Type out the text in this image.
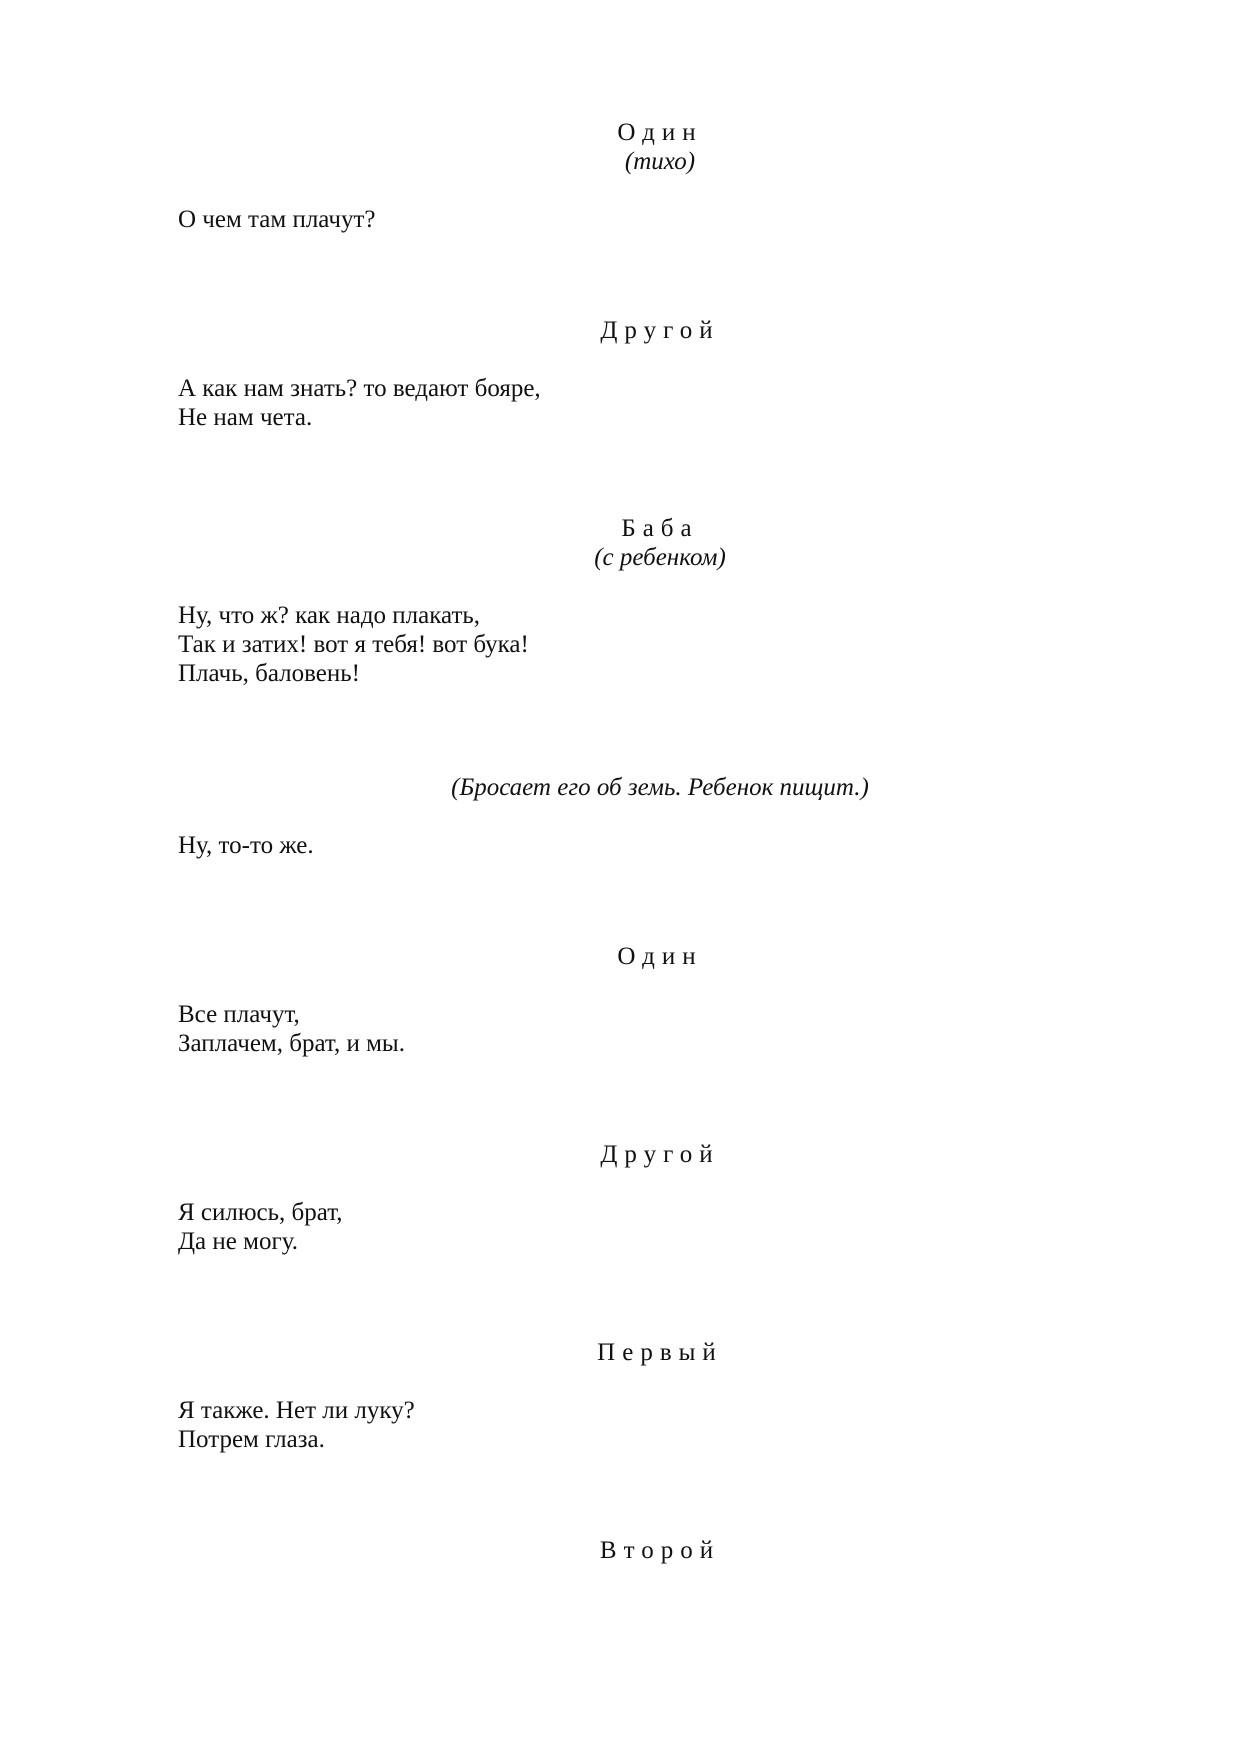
Один
(тихо)
О чем там плачут?
Другой
А как нам знать? то ведают бояре,
Не нам чета.
Баба
(с ребенком)
Ну, что ж? как надо плакать,
Так и затих! вот я тебя! вот бука!
Плачь, баловень!
(Бросает его об земь. Ребенок пищит.)
Ну, то-то же.
Один
Все плачут,
Заплачем, брат, и мы.
Другой
Я силюсь, брат,
Да не могу.
Первый
Я также. Нет ли луку?
Потрем глаза.
Второй
